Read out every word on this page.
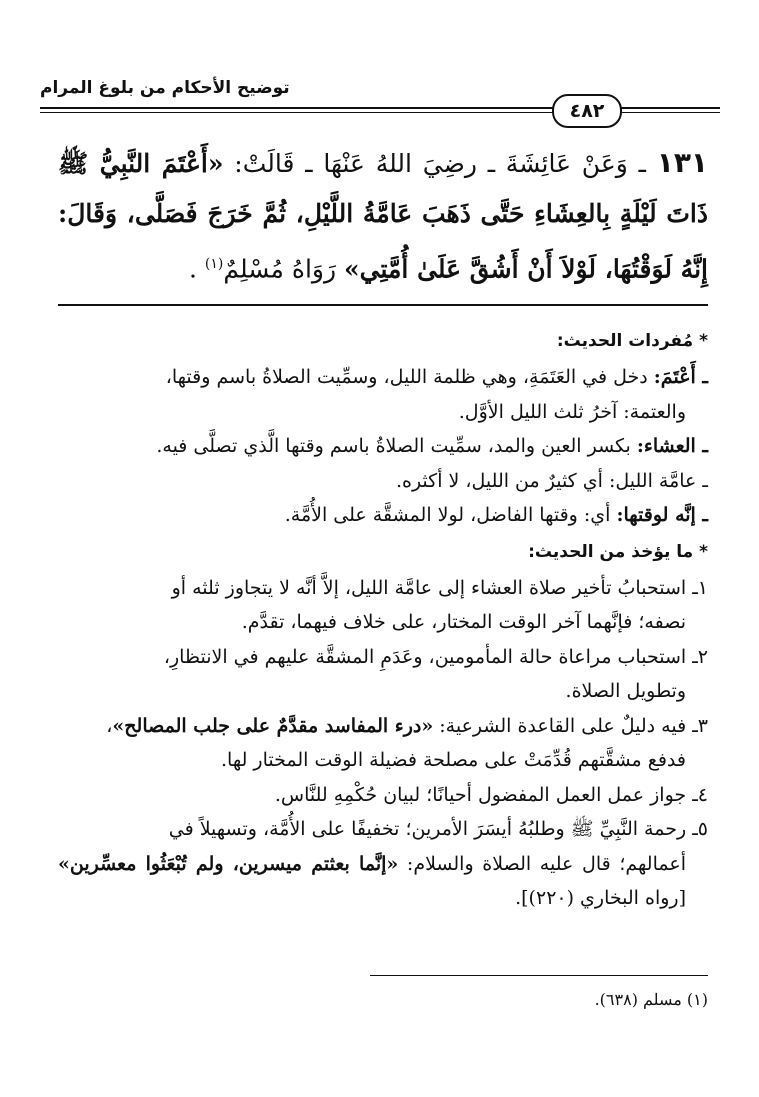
توضيح الأحكام من بلوغ المرام
٤٨٢
١٣١ ـ وَعَنْ عَائِشَةَ ـ رضِيَ اللهُ عَنْهَا ـ قَالَتْ: «أَعْتَمَ النَّبِيُّ ﷺ ذَاتَ لَيْلَةٍ بِالعِشَاءِ حَتَّى ذَهَبَ عَامَّةُ اللَّيْلِ، ثُمَّ خَرَجَ فَصَلَّى، وَقَالَ: إِنَّهُ لَوَقْتُهَا، لَوْلاَ أَنْ أَشُقَّ عَلَىٰ أُمَّتِي» رَوَاهُ مُسْلِمٌ$^{(١)}$ .
* مُفردات الحديث:
ـ أَعْتَمَ: دخل في العَتَمَةِ، وهي ظلمة الليل، وسمِّيت الصلاةُ باسم وقتها،
والعتمة: آخرُ ثلث الليل الأوَّل.
ـ العشاء: بكسر العين والمد، سمِّيت الصلاةُ باسم وقتها الَّذي تصلَّى فيه.
ـ عامَّة الليل: أي كثيرٌ من الليل، لا أكثره.
ـ إنَّه لوقتها: أي: وقتها الفاضل، لولا المشقَّة على الأُمَّة.
* ما يؤخذ من الحديث:
١ـ استحبابُ تأخير صلاة العشاء إلى عامَّة الليل، إلاَّ أنَّه لا يتجاوز ثلثه أو
نصفه؛ فإنَّهما آخر الوقت المختار، على خلاف فيهما، تقدَّم.
٢ـ استحباب مراعاة حالة المأمومين، وعَدَمِ المشقَّة عليهم في الانتظارِ،
وتطويل الصلاة.
٣ـ فيه دليلٌ على القاعدة الشرعية: «درء المفاسد مقدَّمٌ على جلب المصالح»،
فدفع مشقَّتهم قُدِّمَتْ على مصلحة فضيلة الوقت المختار لها.
٤ـ جواز عمل العمل المفضول أحيانًا؛ لبيان حُكْمِهِ للنَّاس.
٥ـ رحمة النَّبِيِّ ﷺ وطلبُهُ أيسَرَ الأمرين؛ تخفيفًا على الأُمَّة، وتسهيلاً في
أعمالهم؛ قال عليه الصلاة والسلام: «إنَّما بعثتم ميسرين، ولم تُبْعَثُوا معسِّرين» [رواه البخاري (٢٢٠)].
(١) مسلم (٦٣٨).
